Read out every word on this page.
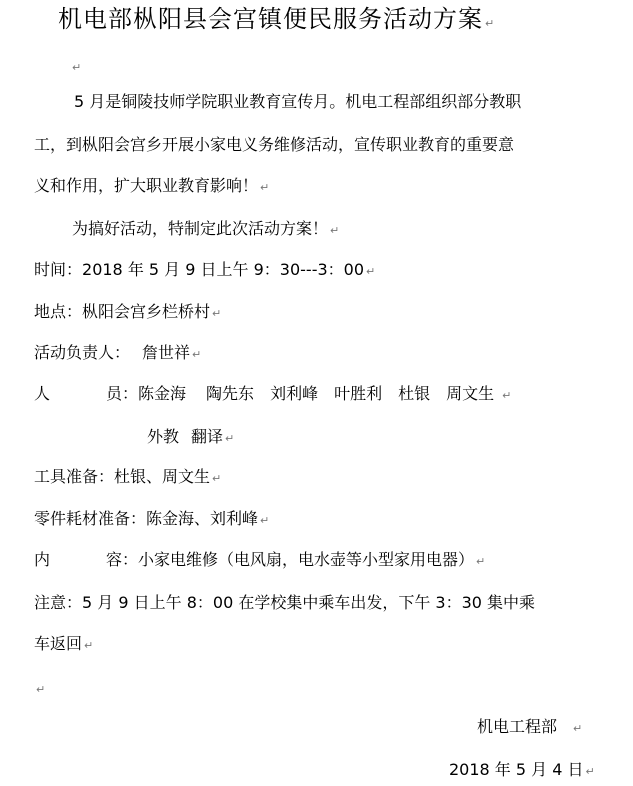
机电部枞阳县会宫镇便民服务活动方案 ↵
↵
5 月是铜陵技师学院职业教育宣传月。机电工程部组织部分教职
工，到枞阳会宫乡开展小家电义务维修活动，宣传职业教育的重要意
义和作用，扩大职业教育影响！ ↵
为搞好活动，特制定此次活动方案！ ↵
时间：2018 年 5 月 9 日上午 9：30---3：00 ↵
地点：枞阳会宫乡栏桥村 ↵
活动负责人： 詹世祥 ↵
人	员：陈金海 陶先东 刘利峰 叶胜利 杜银 周文生 ↵
外教 翻译 ↵
工具准备：杜银、周文生 ↵
零件耗材准备：陈金海、刘利峰 ↵
内	容：小家电维修（电风扇，电水壶等小型家用电器） ↵
注意：5 月 9 日上午 8：00 在学校集中乘车出发，下午 3：30 集中乘
车返回 ↵
↵
机电工程部 ↵
2018 年 5 月 4 日 ↵
